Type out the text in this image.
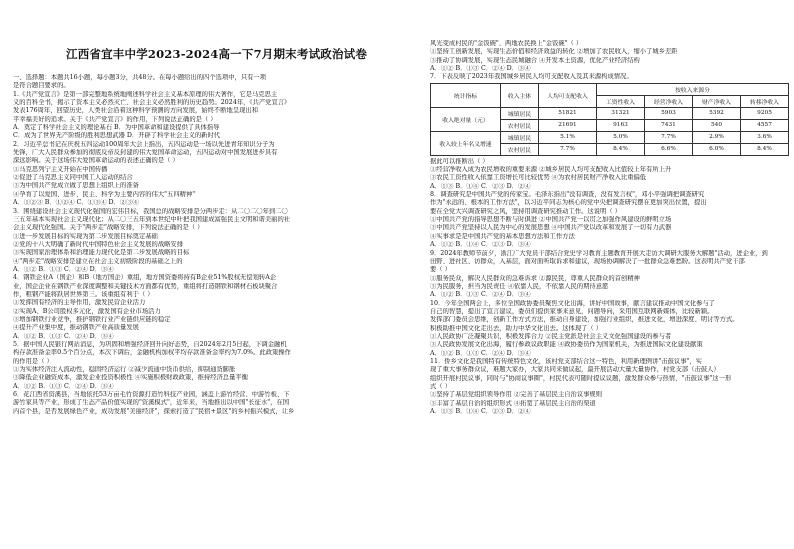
江西省宜丰中学2023-2024高一下7月期末考试政治试卷
一、选择题：本题共16小题，每小题3分，共48分。在每小题给出的四个选项中，只有一项
是符合题目要求的。
1.《共产党宣言》是第一部完整地系统地阐述科学社会主义基本原理的伟大著作，它是马克思主
义的百科全书，揭示了资本主义必然灭亡、社会主义必然胜利的历史趋势。2024年，《共产党宣言》
发表176周年，回望历史，人类社会沿着这种科学预测的方向发展，始终不断地呈现出和
平幸福美好的追求。关于《共产党宣言》的作用，下列说法正确的是（ ）
A．奠定了科学社会主义的理论基石 B．为中国革命和建设提供了具体指导
C．成为了世界无产阶级的胜利思想武器 D．开辟了科学社会主义的新时代
2．习近平总书记在庆祝五四运动100周年大会上指出，五四运动是一场以先进青年知识分子为
先锋，广大人民群众参加的彻底反帝反封建的伟大爱国革命运动，五四运动对中国发展进步具有
深远影响。关于这场伟大爱国革命运动的表述正确的是（ ）
①马克思列宁主义开始在中国传播
②促进了马克思主义同中国工人运动的结合
③为中国共产党成立做了思想上组织上的准备
④孕育了以爱国、进步、民主、科学为主要内容的伟大"五四精神"
A．①②③ B．①②④ C．①③④ D．②③④
3．围绕建设社会主义现代化强国的宏伟目标，我国总的战略安排是分两步走：从二〇二〇年到二〇
三五年基本实现社会主义现代化；从二〇三五年到本世纪中叶把我国建成富强民主文明和谐美丽的社
会主义现代化强国。关于"两步走"战略安排，下列说法正确的是（ ）
①进一步发展目标的实现为第二步发展目标奠定基础
②党的十八大明确了新时代中国特色社会主义发展的战略安排
③实现国家治理体系和治理能力现代化是第二步发展战略的目标
④"两步走"战略安排是建立在社会主义初级阶段的基础之上的
A．①② B．①③ C．②④ D．③④
4．钢铁企业A（国企）和B（地方国企）重组，地方国资委将持有B企业51%股权无偿划转A企
业，国企企业在钢铁产业深度调整和关键技术方面都有优势，重组将打造钢铁和钢材石板块聚合
作，粗钢产能将跃居世界第三。该重组有利于（ ）
①发挥国有经济的主导作用，激发民营企业活力
②实现A、B公司股权多元化，激发国有企业市场活力
③增加钢铁行业竞争，推护钢铁行业产业链供应链的稳定
④提升产业集中度，推动钢铁产业高质量发展
A．①② B．①③ C．②④ D．③④
5．据中国人民银行网站消息，为巩固和增强经济回升向好态势，自2024年2月5日起，下调金融机
构存款准备金率0.5个百分点，本次下调后，金融机构加权平均存款准备金率约为7.0%。此政策操作
的作用是（ ）
①为实体经济注入流动性，稳固经济运行 ②减少流通中货币供给，抑制通货膨胀
③降低企业融资成本，激发企业投资积极性 ④实施积极财政政策，推持经济总量平衡
A．①② B．①③ C．②④ D．③④
6．花江西省资溪县，当地依托53万亩毛竹资源打造竹科技产业园，涵盖上游竹经营、中游竹板、下
游竹家具等产业，形成了生态产品价值实现的"资溪模式"，近年来，当地推出以中国"长征水"，在国
内首个县，是否发展绿色产业，成功发展"美丽经济"，探索打造了"民宿+景区"的乡村振兴模式，让乡
风光变成村民的"金饭碗"、两地农民换上"金饭碗"（ ）
①坚持工创新发展，实现生态价值和经济效益的转化 ②增加了农民收入，缩小了城乡差距
③推动了协调发展，实现生态民城融合 ④开发本土资源，优化产业经济结构
A．①② B．①③ C．②④ D．③④
7．下表反映了2023年我国城乡居民人均可支配收入及其来源构成情况。
统计指标	收入主体	人均可支配收入	按收入来源分			
			工资性收入	经营净收入	财产净收入	转移净收入
收入绝对量（元）	城镇居民	51821	31321	5903	5392	9205
	农村居民	21691	9163	7431	540	4557
收入较上年名义增速	城镇居民	5.1%	5.0%	7.7%	2.9%	3.6%
	农村居民	7.7%	8.4%	6.6%	6.0%	8.4%
据此可以推断出（ ）
①经营净收入成为农民增收的重要来源 ②城乡居民人均可支配收入比值较上年有所上升
③农民工资性收入依靠工资增长可比较优势 ④为农村居民财产净收入比重偏低
A．①③ B．①④ C．②③ D．②④
8．调查研究是中国共产党的传家宝。毛泽东指出"没有调查，没有发言权"，邓小平强调把调查研究
作为"永远的、根本的工作方法"，以习近平同志为核心的党中央把调查研究摆在更加突出位置，提出
要在全党大兴调查研究之风，坚持用调查研究推动工作。这说明（ ）
①中国共产党的指导思想不断与时俱进 ②中国共产党一以贯之加强作风建设的鲜明立场
③中国共产党坚持以人民为中心的发展思想 ④中国共产党以改革和发展了一切有力武器
④实事求是是中国共产党的基本思想方法和工作方法
A．①② B．①④ C．②③ D．③④
9．2024年教师节前夕，浙江广大党员干部结合党史学习教育主题教育开展大走访大调研大服务大解题"活动，进企业，到
田野、进社区、访群众，入基层，面对面听取诉求和建议，现场协调解决了一批群众急难愁盼。这表明共产党干部
要（ ）
①服务民众，解决人民群众的急难诉求 ②源民民，尊重人民群众的首创精神
③为民服务，担当为民责任 ④依靠人民，不依靠人民的期待意愿
A．①② B．①③ C．②④ D．③④
10．今年全国两会上，多位全国政协委员聚焦文化出海，讲好中国故事，献言建议推动中国文化参与了
自己的智慧，提出了宣言建议，委员们提供家事来意见，问题导向，采用国互联网新媒体，比较新颖。
发挥部门委员会思维，创新工作方式方法，推动自身建设，加强行业组织，推进文化，增进深度、明讨等方式。
积极助推中国文化走出去，助力中华文化出去。这体现了（ ）
①人民政协广泛凝聚共识，积极发挥合力 ②民主党派是社会主义文化强国建设的参与者
③人民政协发展文化出海，履行参政议政职能 ④政协委员作为国家机关，为推进国际文化建设献策
A．①② B．①③ C．②④ D．③④
11．侨乡文化是我国特有传统特色文化，该村党支部结合这一特色，利用新理例讲"击鼓议事"，实
现了重大事务群众议，难题大家办，大家共同来做议起，最开展活动大量大量协作，村党支部（击鼓人）
组织开展村民议事，同时与"协商议事圈"，村民代表可随时提议议题，激发群众参与热情，"击鼓议事"这一形
式（ ）
①坚持了基层党组织领导作用 ②完善了基层民主自治议事规则
③丰富了基层自治的组织形式 ④拓宽了基层民主自治的渠道
A．①③ B．①④ C．②③ D．②④
